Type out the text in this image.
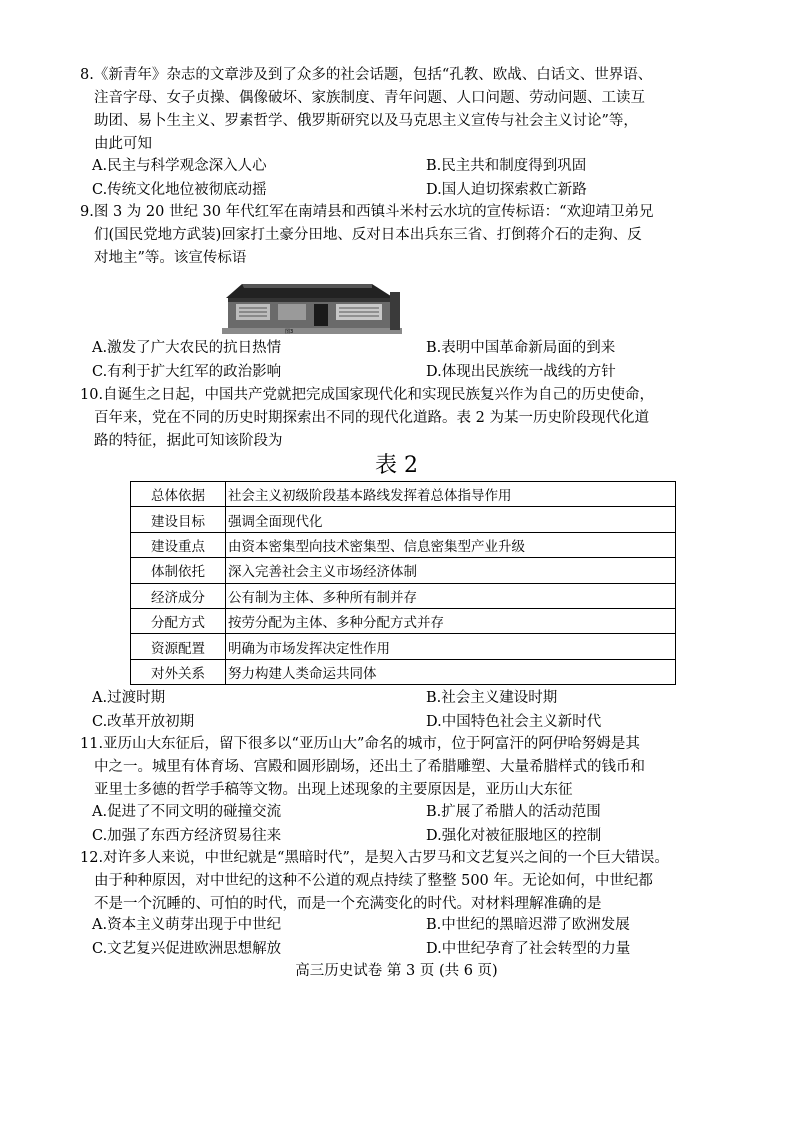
8.《新青年》杂志的文章涉及到了众多的社会话题，包括“孔教、欧战、白话文、世界语、

注音字母、女子贞操、偶像破坏、家族制度、青年问题、人口问题、劳动问题、工读互

助团、易卜生主义、罗素哲学、俄罗斯研究以及马克思主义宣传与社会主义讨论”等，

由此可知

A.民主与科学观念深入人心	B.民主共和制度得到巩固
C.传统文化地位被彻底动摇	D.国人迫切探索救亡新路

9.图 3 为 20 世纪 30 年代红军在南靖县和西镇斗米村云水坑的宣传标语：“欢迎靖卫弟兄

们(国民党地方武装)回家打土豪分田地、反对日本出兵东三省、打倒蒋介石的走狗、反

对地主”等。该宣传标语

图3
A.激发了广大农民的抗日热情	B.表明中国革命新局面的到来
C.有利于扩大红军的政治影响	D.体现出民族统一战线的方针

10.自诞生之日起，中国共产党就把完成国家现代化和实现民族复兴作为自己的历史使命，

百年来，党在不同的历史时期探索出不同的现代化道路。表 2 为某一历史阶段现代化道

路的特征，据此可知该阶段为

表 2
总体依据	社会主义初级阶段基本路线发挥着总体指导作用
建设目标	强调全面现代化
建设重点	由资本密集型向技术密集型、信息密集型产业升级
体制依托	深入完善社会主义市场经济体制
经济成分	公有制为主体、多种所有制并存
分配方式	按劳分配为主体、多种分配方式并存
资源配置	明确为市场发挥决定性作用
对外关系	努力构建人类命运共同体
A.过渡时期	B.社会主义建设时期
C.改革开放初期	D.中国特色社会主义新时代

11.亚历山大东征后，留下很多以“亚历山大”命名的城市，位于阿富汗的阿伊哈努姆是其

中之一。城里有体育场、宫殿和圆形剧场，还出土了希腊雕塑、大量希腊样式的钱币和

亚里士多德的哲学手稿等文物。出现上述现象的主要原因是，亚历山大东征

A.促进了不同文明的碰撞交流	B.扩展了希腊人的活动范围
C.加强了东西方经济贸易往来	D.强化对被征服地区的控制

12.对许多人来说，中世纪就是“黑暗时代”，是契入古罗马和文艺复兴之间的一个巨大错误。

由于种种原因，对中世纪的这种不公道的观点持续了整整 500 年。无论如何，中世纪都

不是一个沉睡的、可怕的时代，而是一个充满变化的时代。对材料理解准确的是

A.资本主义萌芽出现于中世纪	B.中世纪的黑暗迟滞了欧洲发展
C.文艺复兴促进欧洲思想解放	D.中世纪孕育了社会转型的力量
高三历史试卷 第 3 页 (共 6 页)
